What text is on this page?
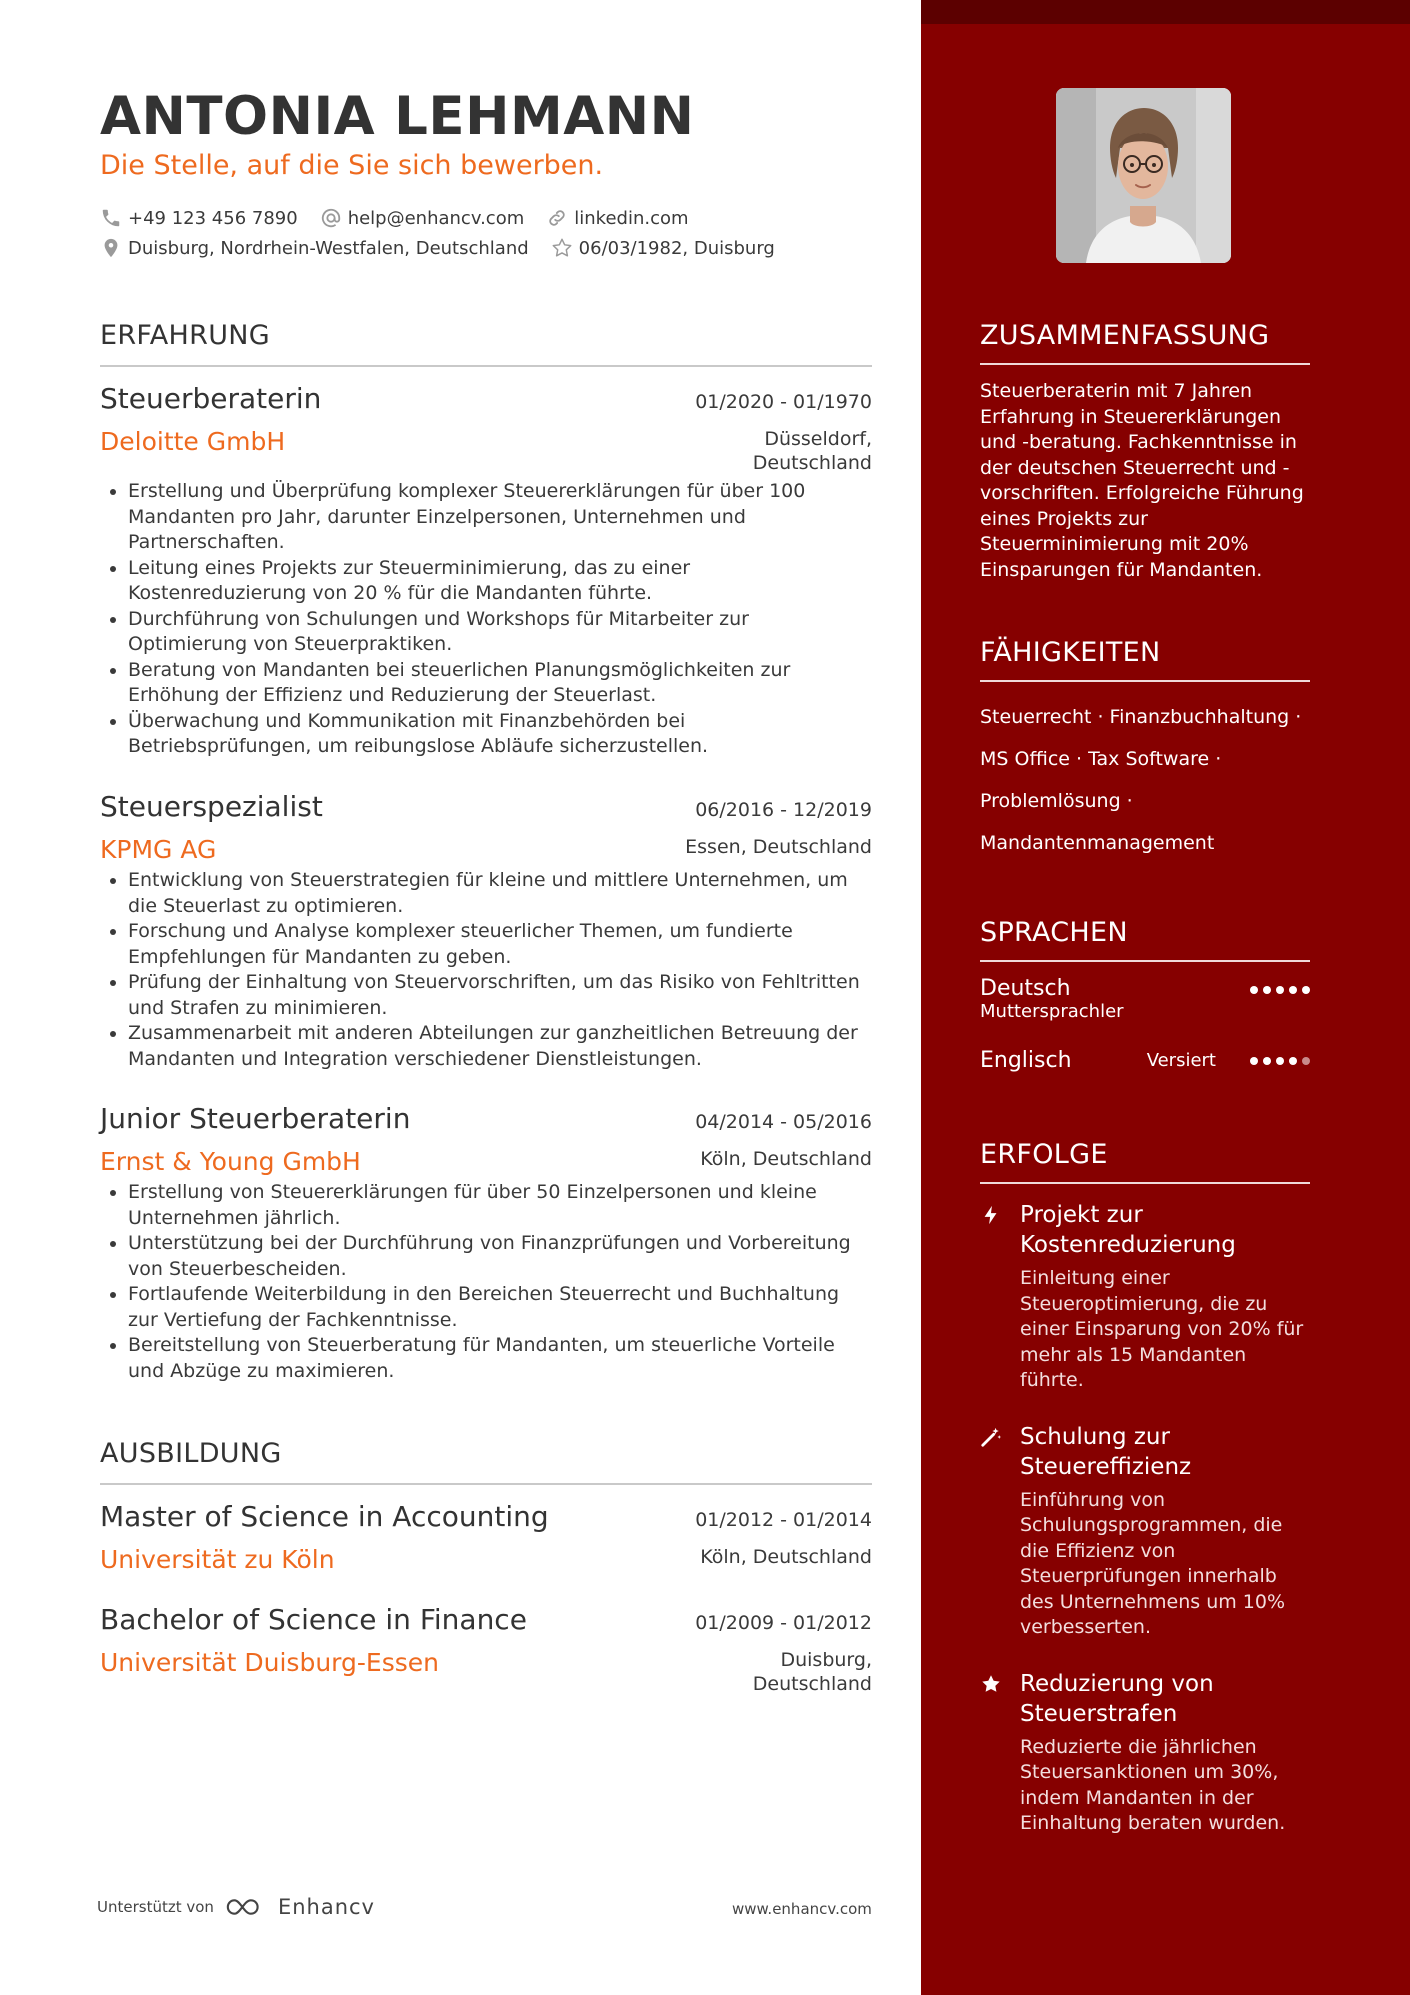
ANTONIA LEHMANN
Die Stelle, auf die Sie sich bewerben.
+49 123 456 7890	help@enhancv.com	linkedin.com
Duisburg, Nordrhein-Westfalen, Deutschland	06/03/1982, Duisburg
ERFAHRUNG
Steuerberaterin	01/2020 - 01/1970
Deloitte GmbH	Düsseldorf, Deutschland
Erstellung und Überprüfung komplexer Steuererklärungen für über 100 Mandanten pro Jahr, darunter Einzelpersonen, Unternehmen und Partnerschaften.
Leitung eines Projekts zur Steuerminimierung, das zu einer Kostenreduzierung von 20 % für die Mandanten führte.
Durchführung von Schulungen und Workshops für Mitarbeiter zur Optimierung von Steuerpraktiken.
Beratung von Mandanten bei steuerlichen Planungsmöglichkeiten zur Erhöhung der Effizienz und Reduzierung der Steuerlast.
Überwachung und Kommunikation mit Finanzbehörden bei Betriebsprüfungen, um reibungslose Abläufe sicherzustellen.
Steuerspezialist	06/2016 - 12/2019
KPMG AG	Essen, Deutschland
Entwicklung von Steuerstrategien für kleine und mittlere Unternehmen, um die Steuerlast zu optimieren.
Forschung und Analyse komplexer steuerlicher Themen, um fundierte Empfehlungen für Mandanten zu geben.
Prüfung der Einhaltung von Steuervorschriften, um das Risiko von Fehltritten und Strafen zu minimieren.
Zusammenarbeit mit anderen Abteilungen zur ganzheitlichen Betreuung der Mandanten und Integration verschiedener Dienstleistungen.
Junior Steuerberaterin	04/2014 - 05/2016
Ernst & Young GmbH	Köln, Deutschland
Erstellung von Steuererklärungen für über 50 Einzelpersonen und kleine Unternehmen jährlich.
Unterstützung bei der Durchführung von Finanzprüfungen und Vorbereitung von Steuerbescheiden.
Fortlaufende Weiterbildung in den Bereichen Steuerrecht und Buchhaltung zur Vertiefung der Fachkenntnisse.
Bereitstellung von Steuerberatung für Mandanten, um steuerliche Vorteile und Abzüge zu maximieren.
AUSBILDUNG
Master of Science in Accounting	01/2012 - 01/2014
Universität zu Köln	Köln, Deutschland
Bachelor of Science in Finance	01/2009 - 01/2012
Universität Duisburg-Essen	Duisburg, Deutschland
Unterstützt von	Enhancv	www.enhancv.com
ZUSAMMENFASSUNG
Steuerberaterin mit 7 Jahren Erfahrung in Steuererklärungen und -beratung. Fachkenntnisse in der deutschen Steuerrecht und -vorschriften. Erfolgreiche Führung eines Projekts zur Steuerminimierung mit 20% Einsparungen für Mandanten.
FÄHIGKEITEN
Steuerrecht · Finanzbuchhaltung ·
MS Office · Tax Software ·
Problemlösung ·
Mandantenmanagement
SPRACHEN
Deutsch
Muttersprachler
Englisch	Versiert
ERFOLGE
Projekt zur Kostenreduzierung
Einleitung einer Steueroptimierung, die zu einer Einsparung von 20% für mehr als 15 Mandanten führte.
Schulung zur Steuereffizienz
Einführung von Schulungsprogrammen, die die Effizienz von Steuerprüfungen innerhalb des Unternehmens um 10% verbesserten.
Reduzierung von Steuerstrafen
Reduzierte die jährlichen Steuersanktionen um 30%, indem Mandanten in der Einhaltung beraten wurden.
